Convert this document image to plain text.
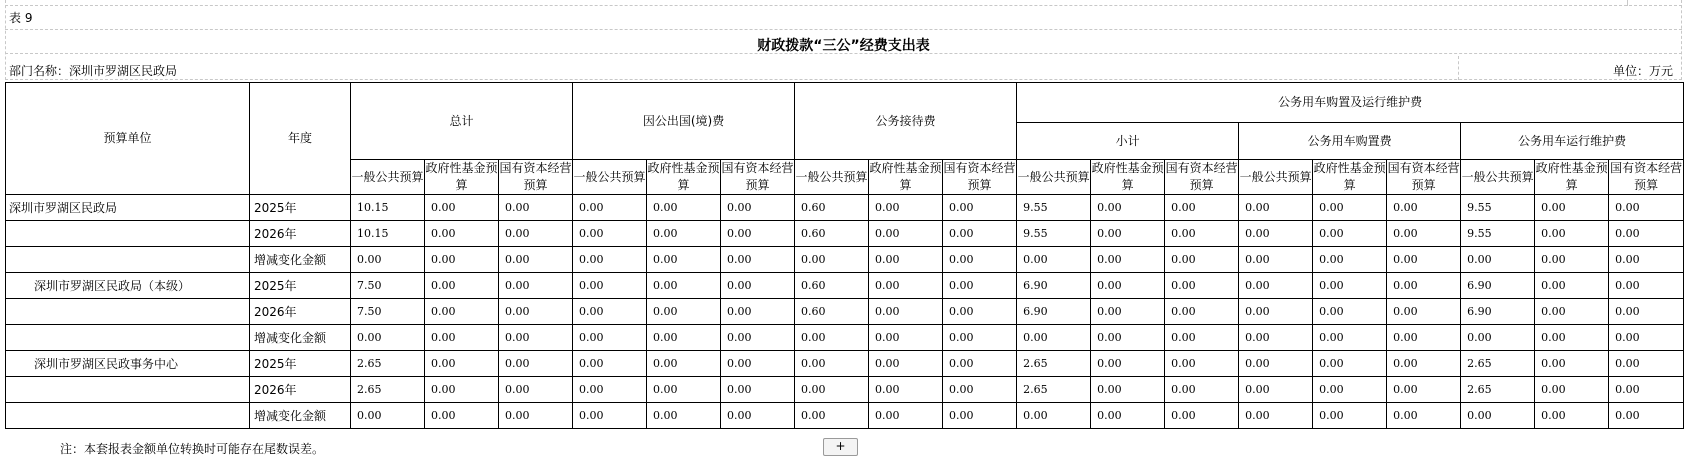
表 9
财政拨款“三公”经费支出表
部门名称：深圳市罗湖区民政局	单位：万元
预算单位	年度	总计			因公出国(境)费			公务接待费			公务用车购置及运行维护费								
											小计			公务用车购置费			公务用车运行维护费		
		一般公共预算	政府性基金预算	国有资本经营预算	一般公共预算	政府性基金预算	国有资本经营预算	一般公共预算	政府性基金预算	国有资本经营预算	一般公共预算	政府性基金预算	国有资本经营预算	一般公共预算	政府性基金预算	国有资本经营预算	一般公共预算	政府性基金预算	国有资本经营预算
深圳市罗湖区民政局	2025年	10.15	0.00	0.00	0.00	0.00	0.00	0.60	0.00	0.00	9.55	0.00	0.00	0.00	0.00	0.00	9.55	0.00	0.00
	2026年	10.15	0.00	0.00	0.00	0.00	0.00	0.60	0.00	0.00	9.55	0.00	0.00	0.00	0.00	0.00	9.55	0.00	0.00
	增减变化金额	0.00	0.00	0.00	0.00	0.00	0.00	0.00	0.00	0.00	0.00	0.00	0.00	0.00	0.00	0.00	0.00	0.00	0.00
深圳市罗湖区民政局（本级）	2025年	7.50	0.00	0.00	0.00	0.00	0.00	0.60	0.00	0.00	6.90	0.00	0.00	0.00	0.00	0.00	6.90	0.00	0.00
	2026年	7.50	0.00	0.00	0.00	0.00	0.00	0.60	0.00	0.00	6.90	0.00	0.00	0.00	0.00	0.00	6.90	0.00	0.00
	增减变化金额	0.00	0.00	0.00	0.00	0.00	0.00	0.00	0.00	0.00	0.00	0.00	0.00	0.00	0.00	0.00	0.00	0.00	0.00
深圳市罗湖区民政事务中心	2025年	2.65	0.00	0.00	0.00	0.00	0.00	0.00	0.00	0.00	2.65	0.00	0.00	0.00	0.00	0.00	2.65	0.00	0.00
	2026年	2.65	0.00	0.00	0.00	0.00	0.00	0.00	0.00	0.00	2.65	0.00	0.00	0.00	0.00	0.00	2.65	0.00	0.00
	增减变化金额	0.00	0.00	0.00	0.00	0.00	0.00	0.00	0.00	0.00	0.00	0.00	0.00	0.00	0.00	0.00	0.00	0.00	0.00
注：本套报表金额单位转换时可能存在尾数误差。	+
